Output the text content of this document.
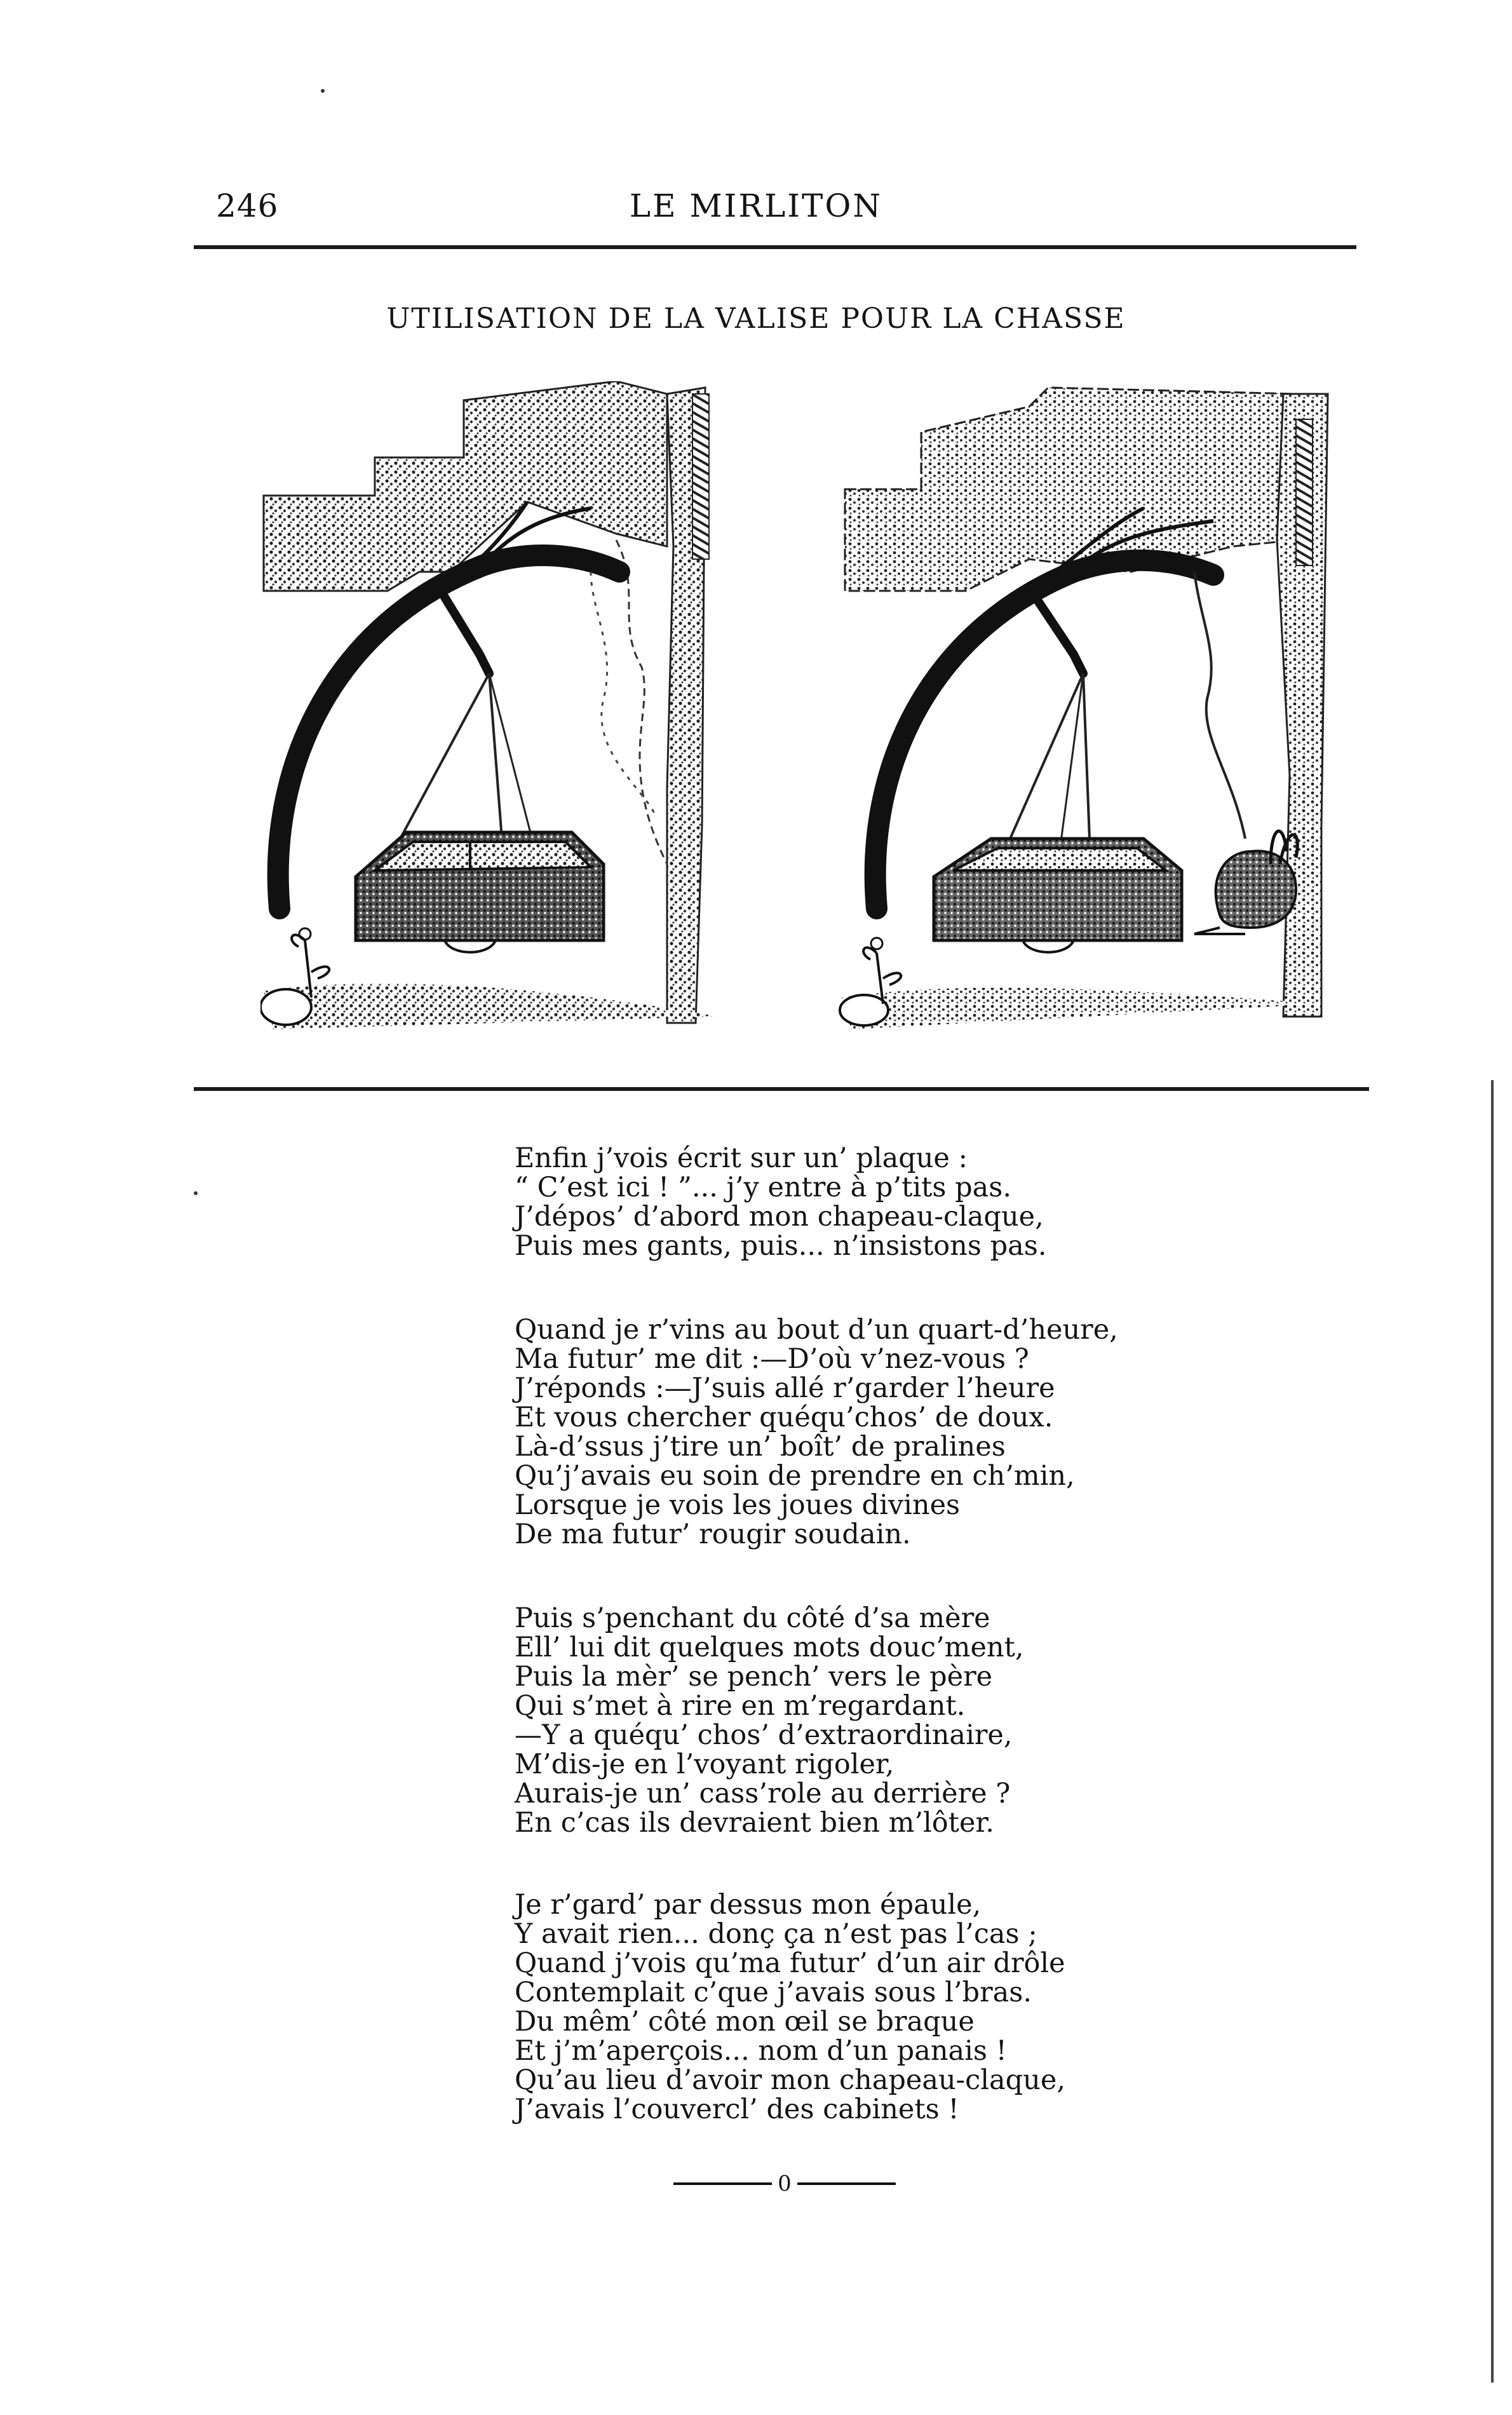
246	LE MIRLITON
UTILISATION DE LA VALISE POUR LA CHASSE
Enfin j’vois écrit sur un’ plaque :
“ C’est ici ! ”... j’y entre à p’tits pas.
J’dépos’ d’abord mon chapeau-claque,
Puis mes gants, puis... n’insistons pas.
Quand je r’vins au bout d’un quart-d’heure,
Ma futur’ me dit :—D’où v’nez-vous ?
J’réponds :—J’suis allé r’garder l’heure
Et vous chercher quéqu’chos’ de doux.
Là-d’ssus j’tire un’ boît’ de pralines
Qu’j’avais eu soin de prendre en ch’min,
Lorsque je vois les joues divines
De ma futur’ rougir soudain.
Puis s’penchant du côté d’sa mère
Ell’ lui dit quelques mots douc’ment,
Puis la mèr’ se pench’ vers le père
Qui s’met à rire en m’regardant.
—Y a quéqu’ chos’ d’extraordinaire,
M’dis-je en l’voyant rigoler,
Aurais-je un’ cass’role au derrière ?
En c’cas ils devraient bien m’lôter.
Je r’gard’ par dessus mon épaule,
Y avait rien... donç ça n’est pas l’cas ;
Quand j’vois qu’ma futur’ d’un air drôle
Contemplait c’que j’avais sous l’bras.
Du mêm’ côté mon œil se braque
Et j’m’aperçois... nom d’un panais !
Qu’au lieu d’avoir mon chapeau-claque,
J’avais l’couvercl’ des cabinets !
0
